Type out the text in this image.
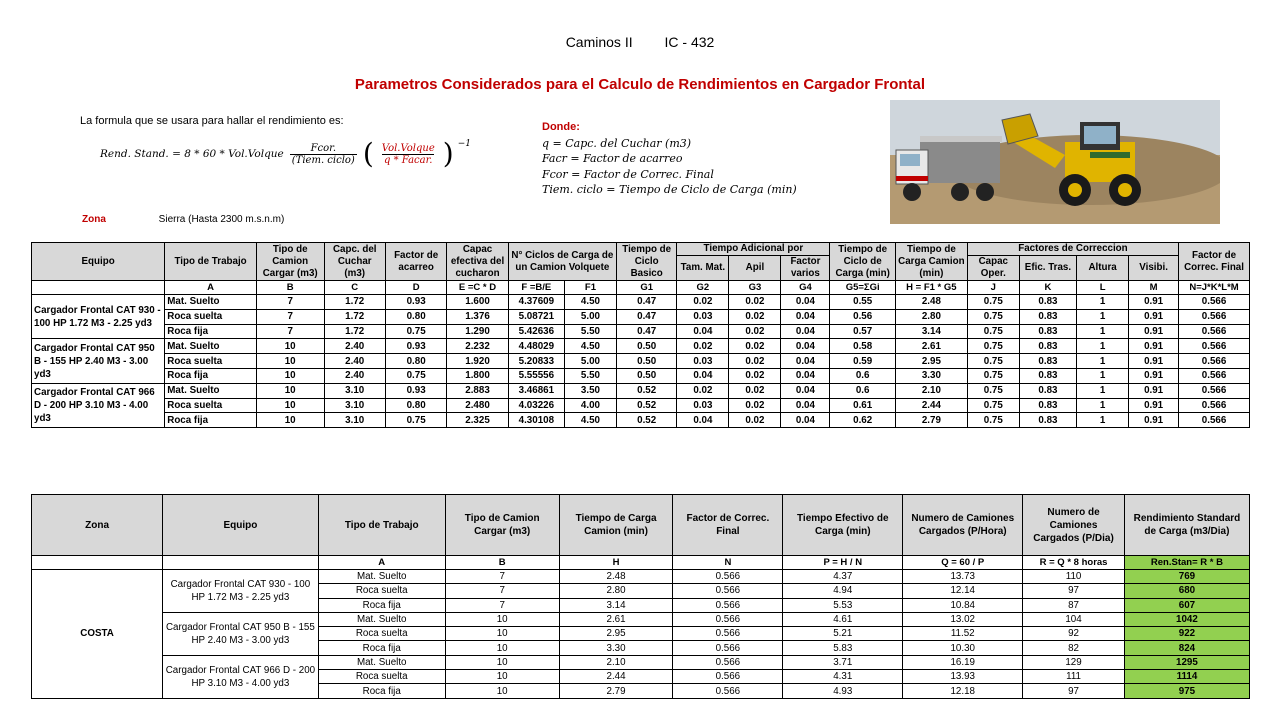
Caminos II IC - 432
Parametros Considerados para el Calculo de Rendimientos en Cargador Frontal
La formula que se usara para hallar el rendimiento es:
Rend. Stand. = 8 * 60 * Vol.Volque $\frac{\text{Fcor.}}{\text{(Tiem. ciclo)}}$ ( $\frac{\text{Vol.Volque}}{\text{q * Facar.}}$ ) −1
Donde:
q = Capc. del Cuchar (m3)
Facr = Factor de acarreo
Fcor = Factor de Correc. Final
Tiem. ciclo = Tiempo de Ciclo de Carga (min)
Zona	Sierra (Hasta 2300 m.s.n.m)
Equipo	Tipo de Trabajo	Tipo de Camion Cargar (m3)	Capc. del Cuchar (m3)	Factor de acarreo	Capac efectiva del cucharon	N° Ciclos de Carga de un Camion Volquete		Tiempo de Ciclo Basico	Tiempo Adicional por			Tiempo de Ciclo de Carga (min)	Tiempo de Carga Camion (min)	Factores de Correccion				Factor de Correc. Final
									Tam. Mat.	Apil	Factor varios			Capac Oper.	Efic. Tras.	Altura	Visibi.	
	A	B	C	D	E =C * D	F =B/E	F1	G1	G2	G3	G4	G5=ΣGi	H = F1 * G5	J	K	L	M	N=J*K*L*M
Cargador Frontal CAT 930 - 100 HP 1.72 M3 - 2.25 yd3	Mat. Suelto	7	1.72	0.93	1.600	4.37609	4.50	0.47	0.02	0.02	0.04	0.55	2.48	0.75	0.83	1	0.91	0.566
	Roca suelta	7	1.72	0.80	1.376	5.08721	5.00	0.47	0.03	0.02	0.04	0.56	2.80	0.75	0.83	1	0.91	0.566
	Roca fija	7	1.72	0.75	1.290	5.42636	5.50	0.47	0.04	0.02	0.04	0.57	3.14	0.75	0.83	1	0.91	0.566
Cargador Frontal CAT 950 B - 155 HP 2.40 M3 - 3.00 yd3	Mat. Suelto	10	2.40	0.93	2.232	4.48029	4.50	0.50	0.02	0.02	0.04	0.58	2.61	0.75	0.83	1	0.91	0.566
	Roca suelta	10	2.40	0.80	1.920	5.20833	5.00	0.50	0.03	0.02	0.04	0.59	2.95	0.75	0.83	1	0.91	0.566
	Roca fija	10	2.40	0.75	1.800	5.55556	5.50	0.50	0.04	0.02	0.04	0.6	3.30	0.75	0.83	1	0.91	0.566
Cargador Frontal CAT 966 D - 200 HP 3.10 M3 - 4.00 yd3	Mat. Suelto	10	3.10	0.93	2.883	3.46861	3.50	0.52	0.02	0.02	0.04	0.6	2.10	0.75	0.83	1	0.91	0.566
	Roca suelta	10	3.10	0.80	2.480	4.03226	4.00	0.52	0.03	0.02	0.04	0.61	2.44	0.75	0.83	1	0.91	0.566
	Roca fija	10	3.10	0.75	2.325	4.30108	4.50	0.52	0.04	0.02	0.04	0.62	2.79	0.75	0.83	1	0.91	0.566
Zona	Equipo	Tipo de Trabajo	Tipo de Camion Cargar (m3)	Tiempo de Carga Camion (min)	Factor de Correc. Final	Tiempo Efectivo de Carga (min)	Numero de Camiones Cargados (P/Hora)	Numero de Camiones Cargados (P/Dia)	Rendimiento Standard de Carga (m3/Dia)
		A	B	H	N	P = H / N	Q = 60 / P	R = Q * 8 horas	Ren.Stan= R * B
COSTA	Cargador Frontal CAT 930 - 100 HP 1.72 M3 - 2.25 yd3	Mat. Suelto	7	2.48	0.566	4.37	13.73	110	769
		Roca suelta	7	2.80	0.566	4.94	12.14	97	680
		Roca fija	7	3.14	0.566	5.53	10.84	87	607
	Cargador Frontal CAT 950 B - 155 HP 2.40 M3 - 3.00 yd3	Mat. Suelto	10	2.61	0.566	4.61	13.02	104	1042
		Roca suelta	10	2.95	0.566	5.21	11.52	92	922
		Roca fija	10	3.30	0.566	5.83	10.30	82	824
	Cargador Frontal CAT 966 D - 200 HP 3.10 M3 - 4.00 yd3	Mat. Suelto	10	2.10	0.566	3.71	16.19	129	1295
		Roca suelta	10	2.44	0.566	4.31	13.93	111	1114
		Roca fija	10	2.79	0.566	4.93	12.18	97	975
